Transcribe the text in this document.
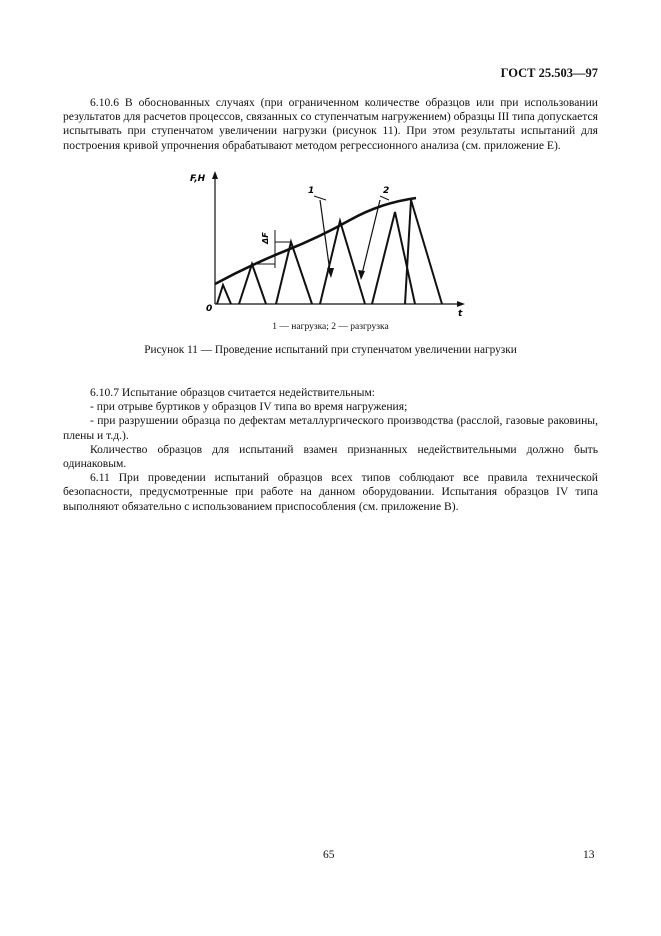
ГОСТ 25.503—97

6.10.6 В обоснованных случаях (при ограниченном количестве образцов или при использовании результатов для расчетов процессов, связанных со ступенчатым нагружением) образцы III типа допускается испытывать при ступенчатом увеличении нагрузки (рисунок 11). При этом результаты испытаний для построения кривой упрочнения обрабатывают методом регрессионного анализа (см. приложение Е).

F,H
t
0
ΔF
1	2
1 — нагрузка; 2 — разгрузка
Рисунок 11 — Проведение испытаний при ступенчатом увеличении нагрузки

6.10.7 Испытание образцов считается недействительным:

- при отрыве буртиков у образцов IV типа во время нагружения;

- при разрушении образца по дефектам металлургического производства (расслой, газовые раковины, плены и т.д.).

Количество образцов для испытаний взамен признанных недействительными должно быть одинаковым.

6.11 При проведении испытаний образцов всех типов соблюдают все правила технической безопасности, предусмотренные при работе на данном оборудовании. Испытания образцов IV типа выполняют обязательно с использованием приспособления (см. приложение В).

65	13
